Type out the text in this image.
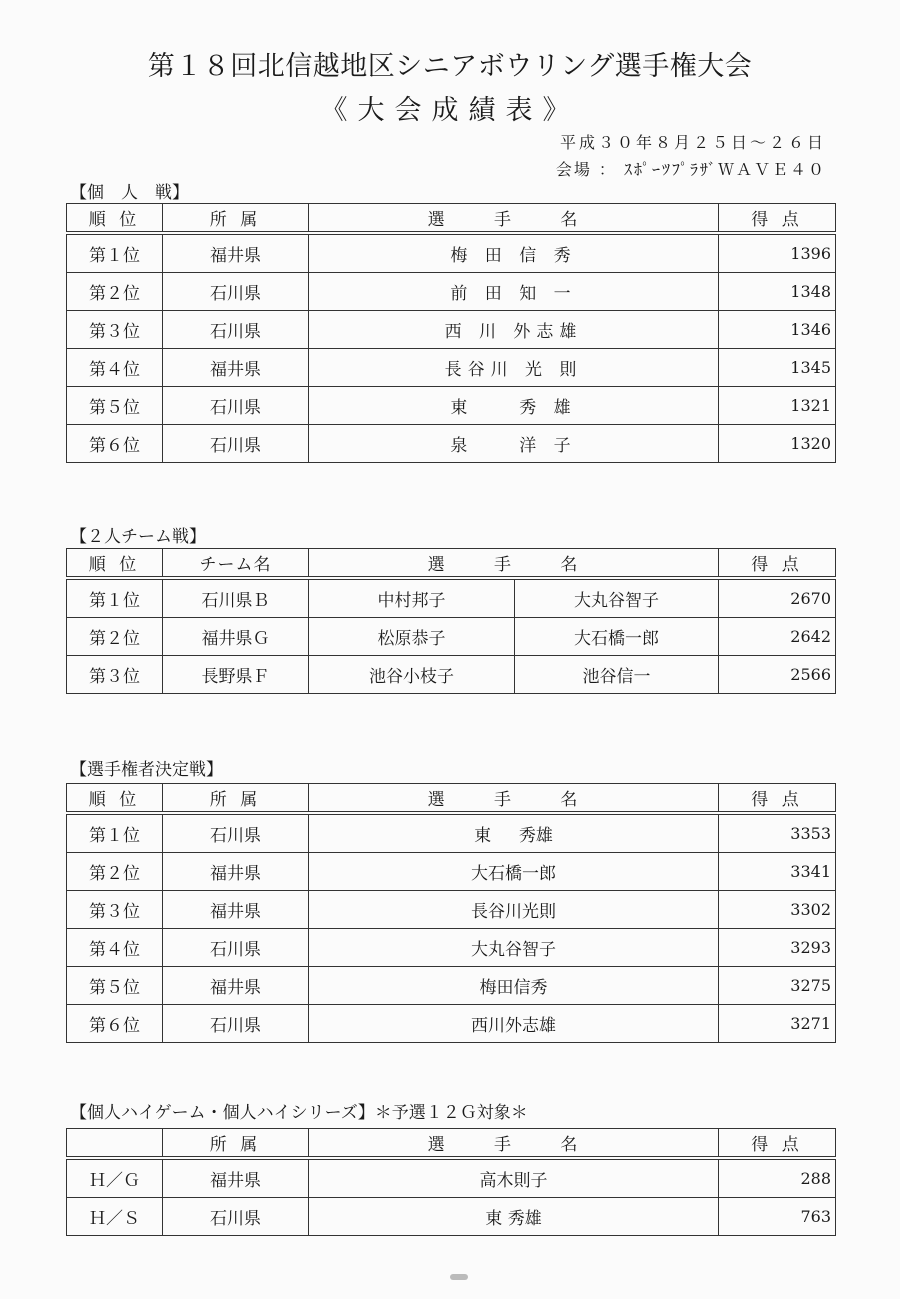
第１８回北信越地区シニアボウリング選手権大会
《大会成績表》
平成３０年８月２５日～２６日
会場 ： ｽﾎﾟｰﾂﾌﾟﾗｻﾞＷＡＶＥ４０
【個　人　戦】
順 位	所 属	選 手 名	得 点
第１位	福井県	梅 田 信 秀	1396
第２位	石川県	前 田 知 一	1348
第３位	石川県	西 川 外志雄	1346
第４位	福井県	長谷川 光 則	1345
第５位	石川県	東 　 秀 雄	1321
第６位	石川県	泉 　 洋 子	1320
【２人チーム戦】
順 位	チーム名	選 手 名		得 点
第１位	石川県Ｂ	中村邦子	大丸谷智子	2670
第２位	福井県Ｇ	松原恭子	大石橋一郎	2642
第３位	長野県Ｆ	池谷小枝子	池谷信一	2566
【選手権者決定戦】
順 位	所 属	選 手 名	得 点
第１位	石川県	東 　 秀雄	3353
第２位	福井県	大石橋一郎	3341
第３位	福井県	長谷川光則	3302
第４位	石川県	大丸谷智子	3293
第５位	福井県	梅田信秀	3275
第６位	石川県	西川外志雄	3271
【個人ハイゲーム・個人ハイシリーズ】＊予選１２Ｇ対象＊
	所 属	選 手 名	得 点
Ｈ／Ｇ	福井県	高木則子	288
Ｈ／Ｓ	石川県	東 秀雄	763
